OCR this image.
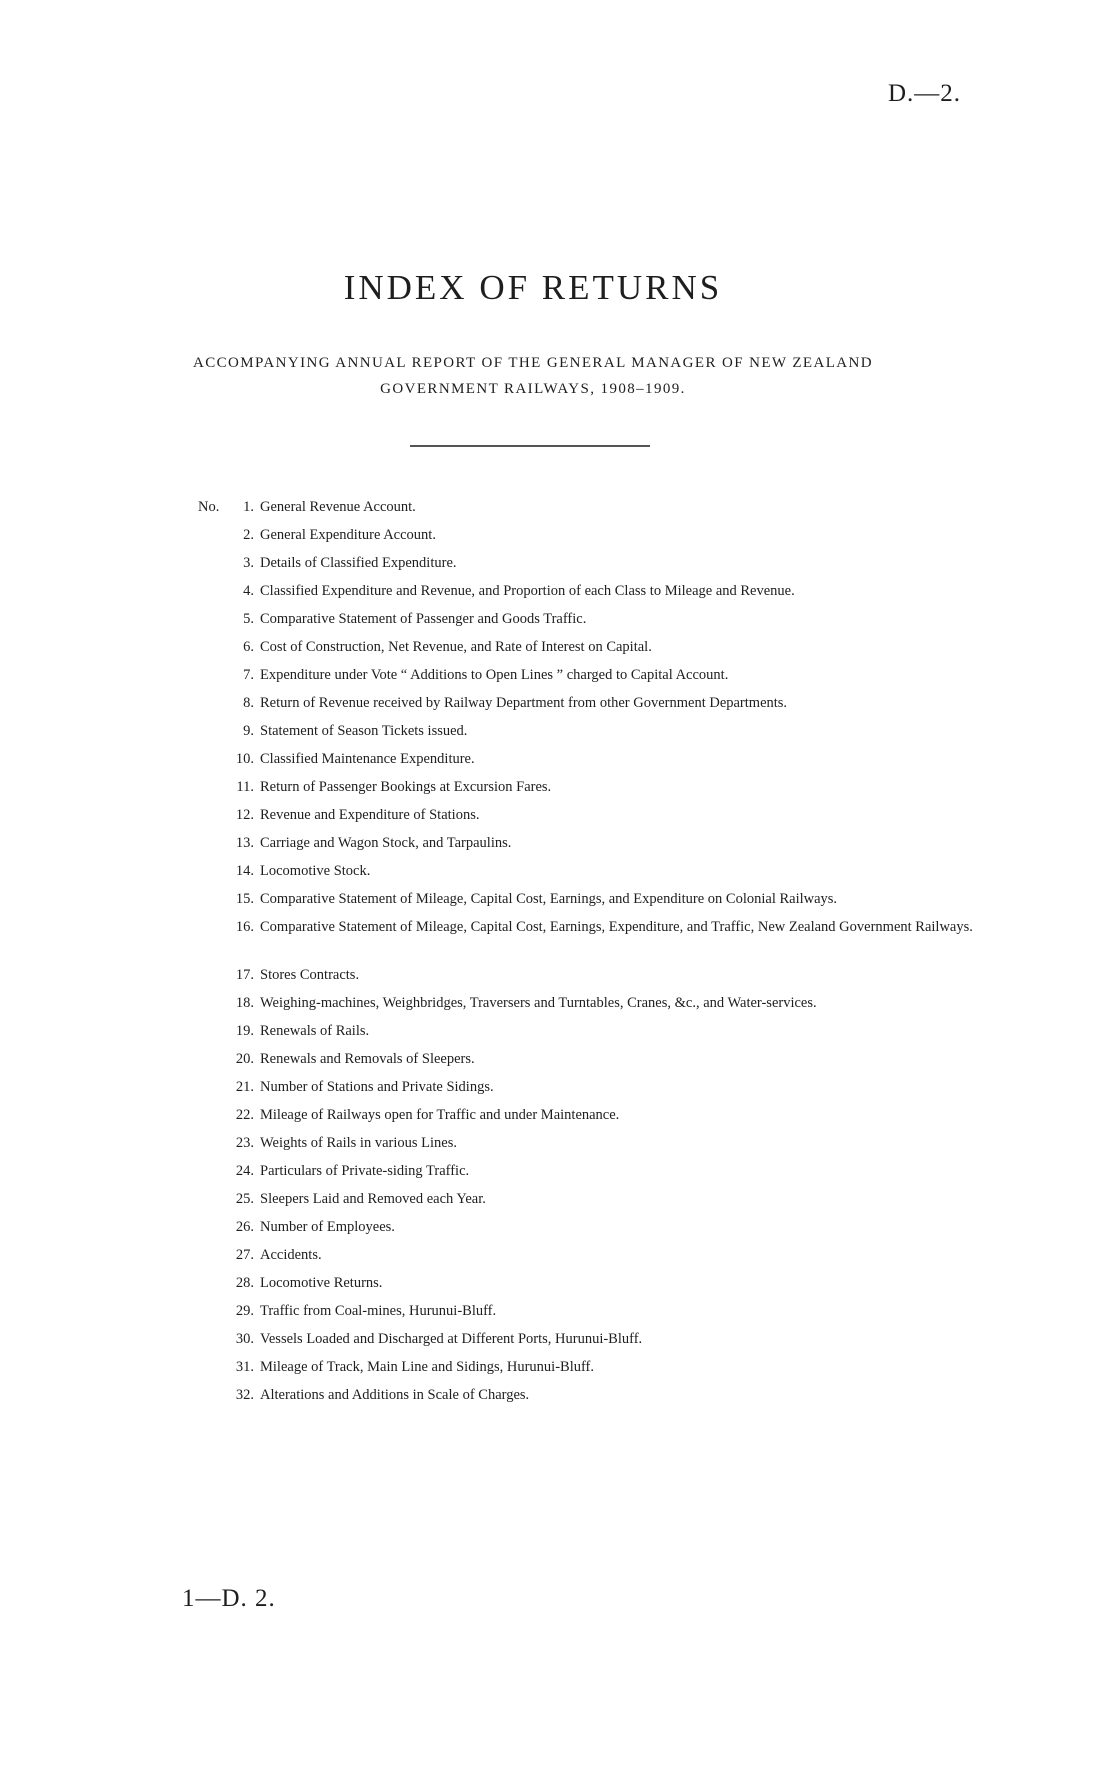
D.—2.
INDEX OF RETURNS
ACCOMPANYING ANNUAL REPORT OF THE GENERAL MANAGER OF NEW ZEALAND
GOVERNMENT RAILWAYS, 1908–1909.
No.	1. General Revenue Account.
2. General Expenditure Account.
3. Details of Classified Expenditure.
4. Classified Expenditure and Revenue, and Proportion of each Class to Mileage and Revenue.
5. Comparative Statement of Passenger and Goods Traffic.
6. Cost of Construction, Net Revenue, and Rate of Interest on Capital.
7. Expenditure under Vote “ Additions to Open Lines ” charged to Capital Account.
8. Return of Revenue received by Railway Department from other Government Departments.
9. Statement of Season Tickets issued.
10. Classified Maintenance Expenditure.
11. Return of Passenger Bookings at Excursion Fares.
12. Revenue and Expenditure of Stations.
13. Carriage and Wagon Stock, and Tarpaulins.
14. Locomotive Stock.
15. Comparative Statement of Mileage, Capital Cost, Earnings, and Expenditure on Colonial Railways.
16. Comparative Statement of Mileage, Capital Cost, Earnings, Expenditure, and Traffic, New Zealand Government Railways.
17. Stores Contracts.
18. Weighing-machines, Weighbridges, Traversers and Turntables, Cranes, &c., and Water-services.
19. Renewals of Rails.
20. Renewals and Removals of Sleepers.
21. Number of Stations and Private Sidings.
22. Mileage of Railways open for Traffic and under Maintenance.
23. Weights of Rails in various Lines.
24. Particulars of Private-siding Traffic.
25. Sleepers Laid and Removed each Year.
26. Number of Employees.
27. Accidents.
28. Locomotive Returns.
29. Traffic from Coal-mines, Hurunui-Bluff.
30. Vessels Loaded and Discharged at Different Ports, Hurunui-Bluff.
31. Mileage of Track, Main Line and Sidings, Hurunui-Bluff.
32. Alterations and Additions in Scale of Charges.
1—D. 2.
